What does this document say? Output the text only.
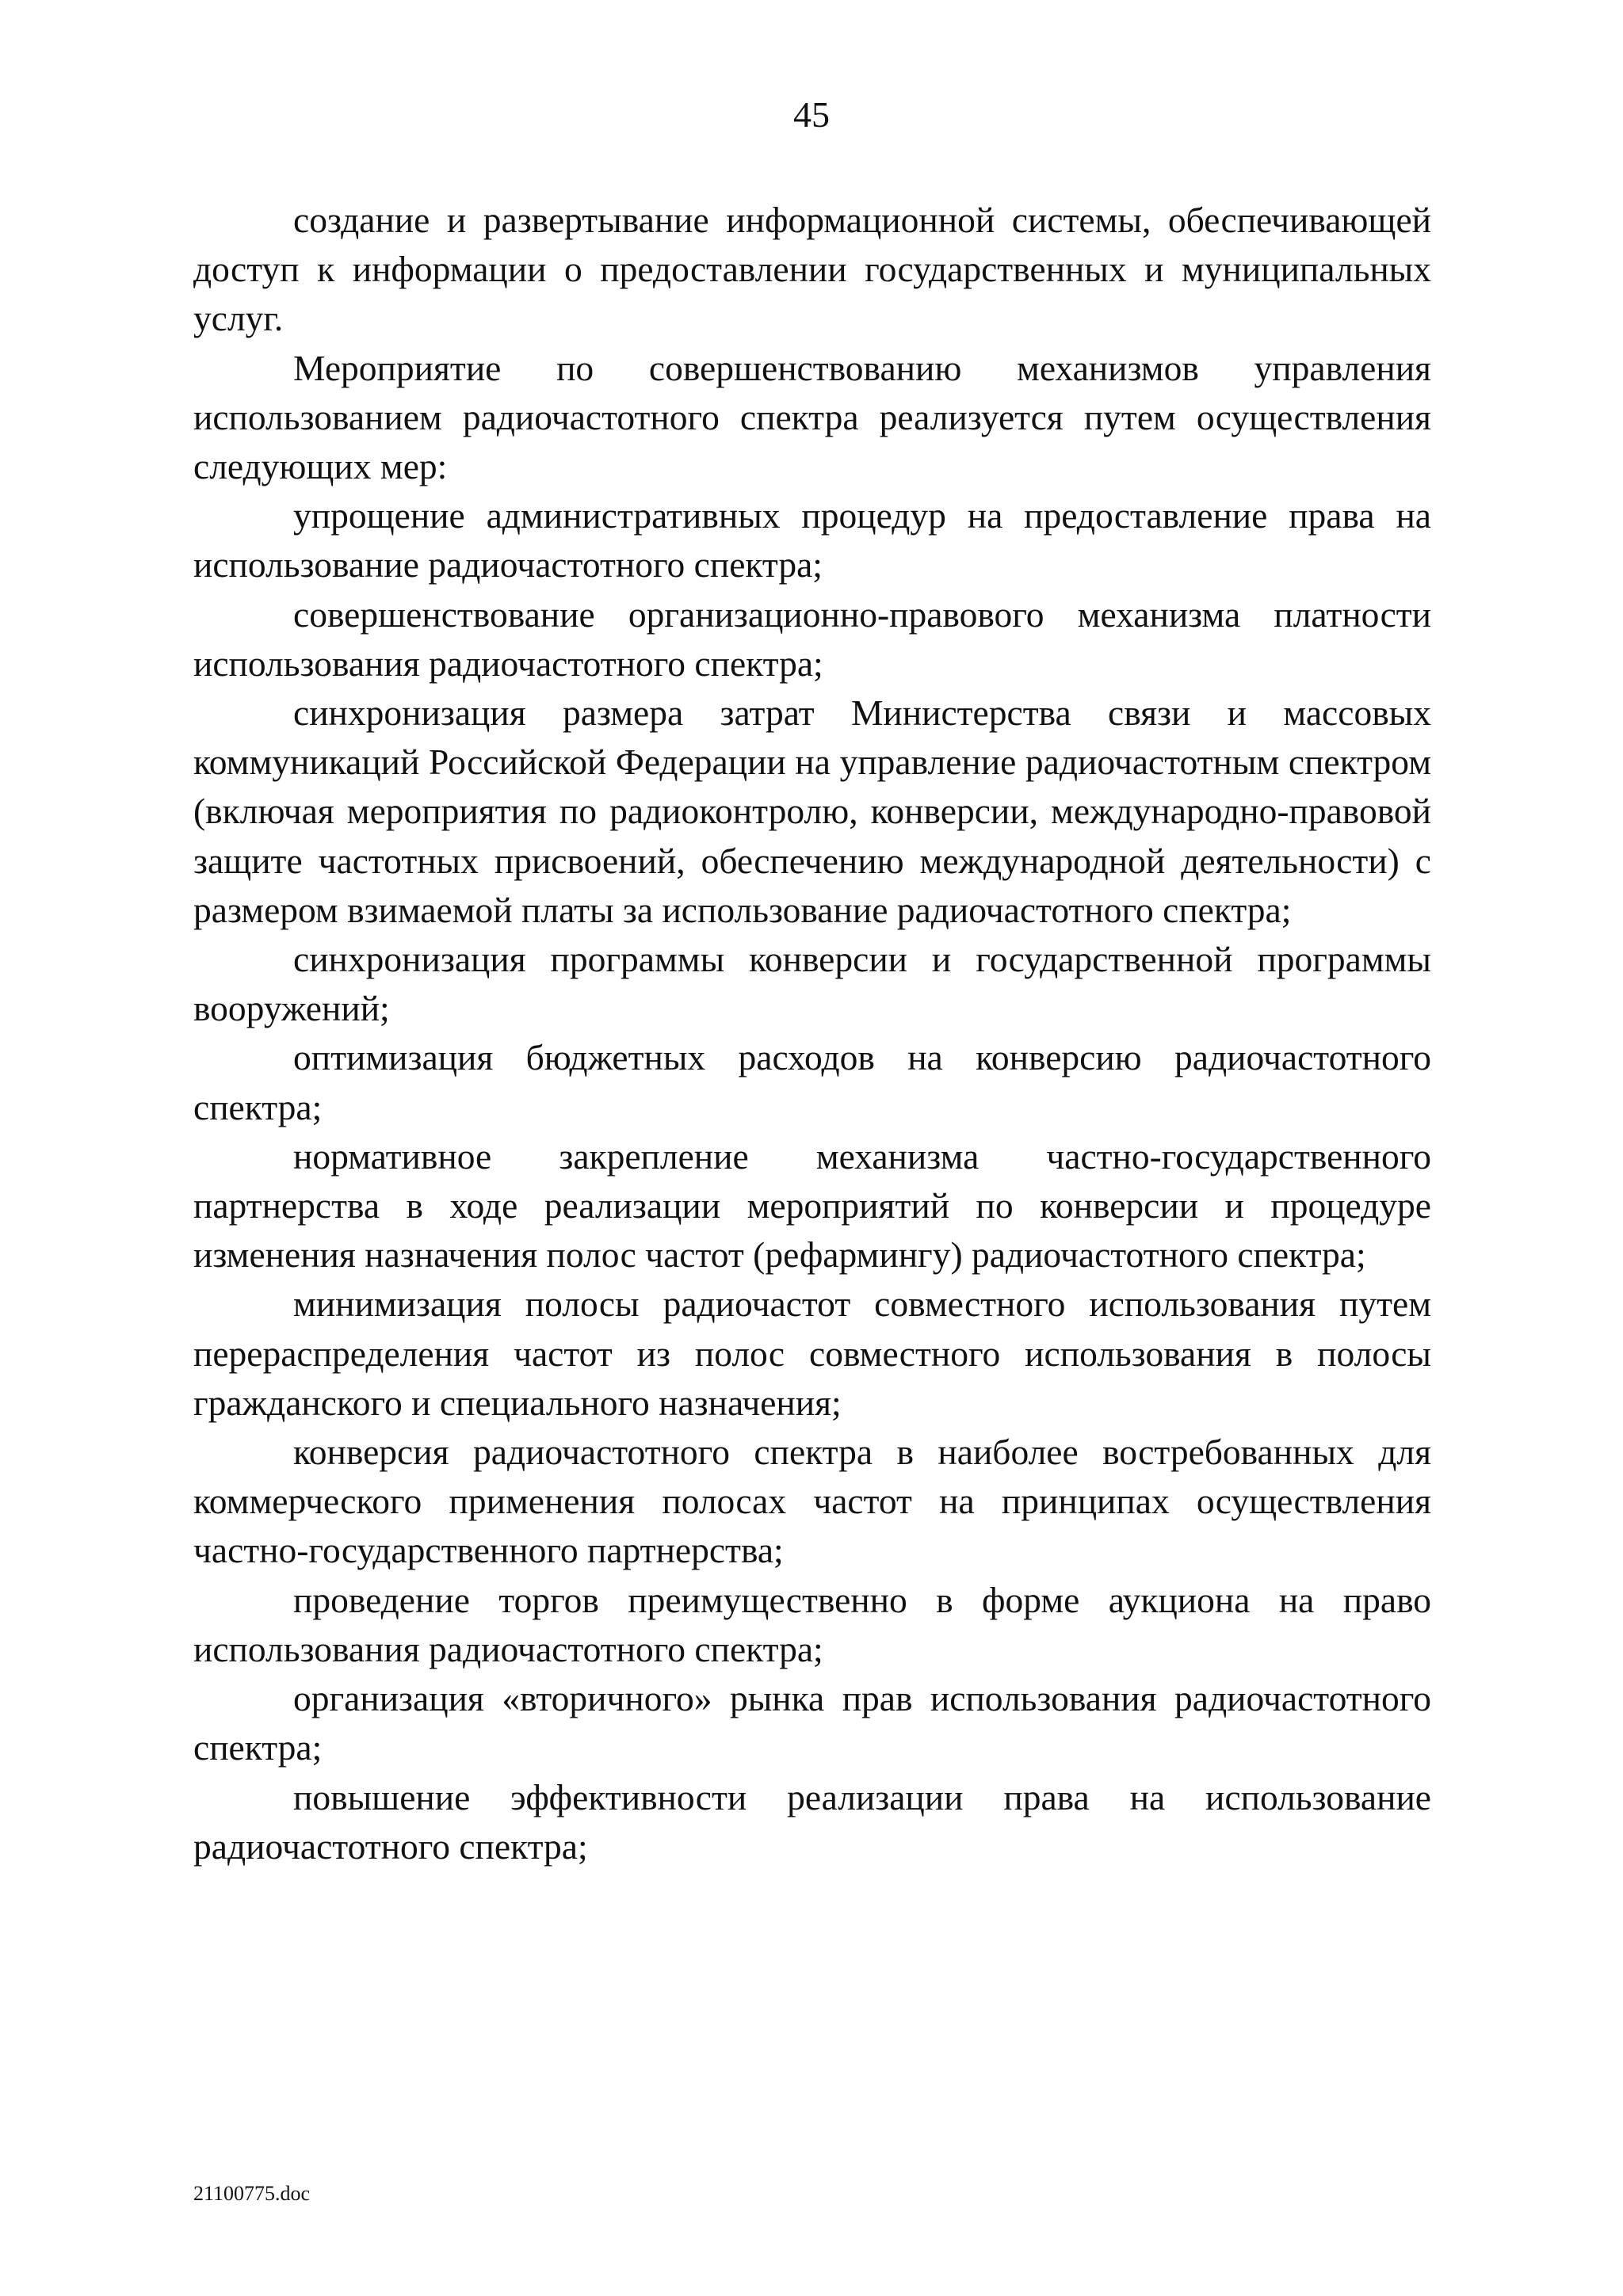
45

создание и развертывание информационной системы, обеспечивающей доступ к информации о предоставлении государственных и муниципальных услуг.

Мероприятие по совершенствованию механизмов управления использованием радиочастотного спектра реализуется путем осуществления следующих мер:

упрощение административных процедур на предоставление права на использование радиочастотного спектра;

совершенствование организационно-правового механизма платности использования радиочастотного спектра;

синхронизация размера затрат Министерства связи и массовых коммуникаций Российской Федерации на управление радиочастотным спектром (включая мероприятия по радиоконтролю, конверсии, международно-правовой защите частотных присвоений, обеспечению международной деятельности) с размером взимаемой платы за использование радиочастотного спектра;

синхронизация программы конверсии и государственной программы вооружений;

оптимизация бюджетных расходов на конверсию радиочастотного спектра;

нормативное закрепление механизма частно-государственного партнерства в ходе реализации мероприятий по конверсии и процедуре изменения назначения полос частот (рефармингу) радиочастотного спектра;

минимизация полосы радиочастот совместного использования путем перераспределения частот из полос совместного использования в полосы гражданского и специального назначения;

конверсия радиочастотного спектра в наиболее востребованных для коммерческого применения полосах частот на принципах осуществления частно-государственного партнерства;

проведение торгов преимущественно в форме аукциона на право использования радиочастотного спектра;

организация «вторичного» рынка прав использования радиочастотного спектра;

повышение эффективности реализации права на использование радиочастотного спектра;

21100775.doc
